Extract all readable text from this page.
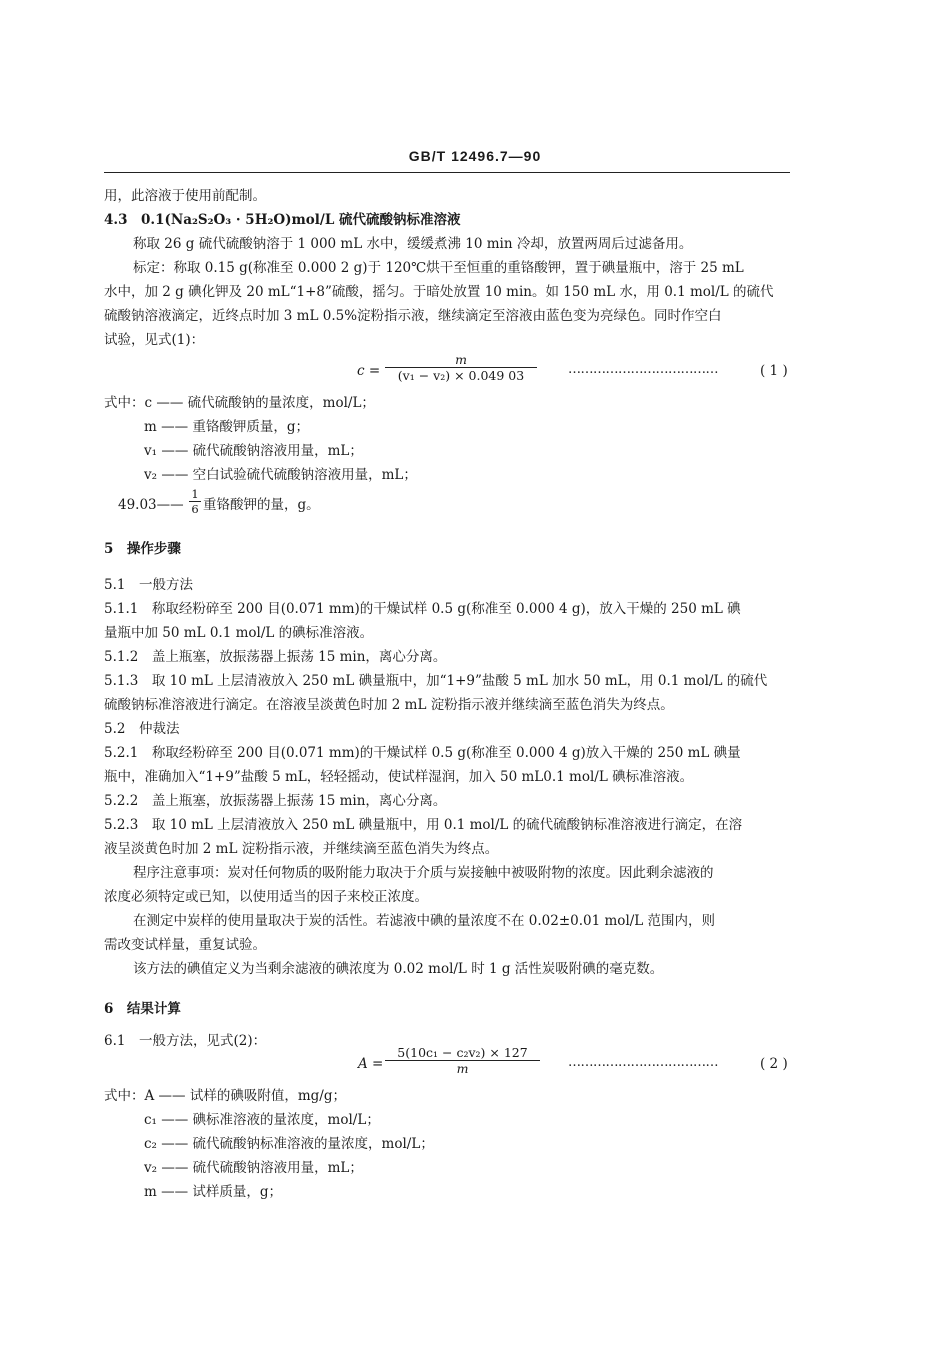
GB/T 12496.7—90
用，此溶液于使用前配制。
4.3　0.1(Na₂S₂O₃ · 5H₂O)mol/L 硫代硫酸钠标准溶液
称取 26 g 硫代硫酸钠溶于 1 000 mL 水中，缓缓煮沸 10 min 冷却，放置两周后过滤备用。
标定：称取 0.15 g(称准至 0.000 2 g)于 120℃烘干至恒重的重铬酸钾，置于碘量瓶中，溶于 25 mL
水中，加 2 g 碘化钾及 20 mL“1+8”硫酸，摇匀。于暗处放置 10 min。如 150 mL 水，用 0.1 mol/L 的硫代
硫酸钠溶液滴定，近终点时加 3 mL 0.5%淀粉指示液，继续滴定至溶液由蓝色变为亮绿色。同时作空白
试验，见式(1)：
$c = \frac{m}{\text{(v₁ − v₂) × 0.049 03}}$ ………………………………	( 1 )
式中：c —— 硫代硫酸钠的量浓度，mol/L；
m —— 重铬酸钾质量，g；
v₁ —— 硫代硫酸钠溶液用量，mL；
v₂ —— 空白试验硫代硫酸钠溶液用量，mL；
49.03—— $\frac{1}{6}$ 重铬酸钾的量，g。
5　操作步骤
5.1　一般方法
5.1.1　称取经粉碎至 200 目(0.071 mm)的干燥试样 0.5 g(称准至 0.000 4 g)，放入干燥的 250 mL 碘
量瓶中加 50 mL 0.1 mol/L 的碘标准溶液。
5.1.2　盖上瓶塞，放振荡器上振荡 15 min，离心分离。
5.1.3　取 10 mL 上层清液放入 250 mL 碘量瓶中，加“1+9”盐酸 5 mL 加水 50 mL，用 0.1 mol/L 的硫代
硫酸钠标准溶液进行滴定。在溶液呈淡黄色时加 2 mL 淀粉指示液并继续滴至蓝色消失为终点。
5.2　仲裁法
5.2.1　称取经粉碎至 200 目(0.071 mm)的干燥试样 0.5 g(称准至 0.000 4 g)放入干燥的 250 mL 碘量
瓶中，准确加入“1+9”盐酸 5 mL，轻轻摇动，使试样湿润，加入 50 mL0.1 mol/L 碘标准溶液。
5.2.2　盖上瓶塞，放振荡器上振荡 15 min，离心分离。
5.2.3　取 10 mL 上层清液放入 250 mL 碘量瓶中，用 0.1 mol/L 的硫代硫酸钠标准溶液进行滴定，在溶
液呈淡黄色时加 2 mL 淀粉指示液，并继续滴至蓝色消失为终点。
程序注意事项：炭对任何物质的吸附能力取决于介质与炭接触中被吸附物的浓度。因此剩余滤液的
浓度必须特定或已知，以使用适当的因子来校正浓度。
在测定中炭样的使用量取决于炭的活性。若滤液中碘的量浓度不在 0.02±0.01 mol/L 范围内，则
需改变试样量，重复试验。
该方法的碘值定义为当剩余滤液的碘浓度为 0.02 mol/L 时 1 g 活性炭吸附碘的毫克数。
6　结果计算
6.1　一般方法，见式(2)：
$A = \frac{\text{5(10c₁ − c₂v₂) × 127}}{m}$ ………………………………	( 2 )
式中：A —— 试样的碘吸附值，mg/g；
c₁ —— 碘标准溶液的量浓度，mol/L；
c₂ —— 硫代硫酸钠标准溶液的量浓度，mol/L；
v₂ —— 硫代硫酸钠溶液用量，mL；
m —— 试样质量，g；
